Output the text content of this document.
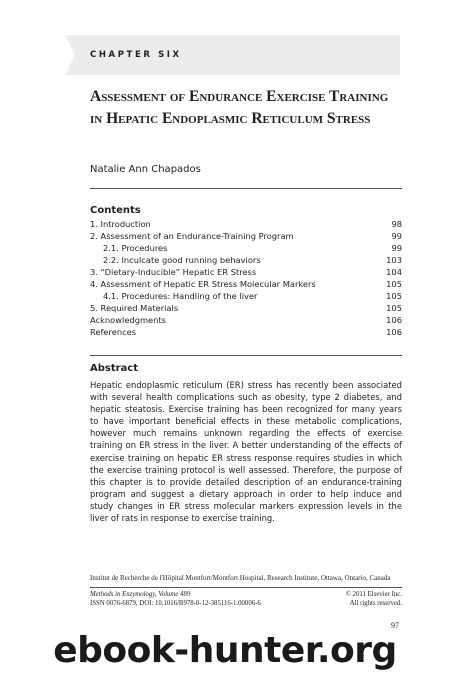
CHAPTER SIX
Assessment of Endurance Exercise Training in Hepatic Endoplasmic Reticulum Stress
Natalie Ann Chapados
Contents
1. Introduction	98
2. Assessment of an Endurance-Training Program	99
2.1. Procedures	99
2.2. Inculcate good running behaviors	103
3. “Dietary-Inducible” Hepatic ER Stress	104
4. Assessment of Hepatic ER Stress Molecular Markers	105
4.1. Procedures: Handling of the liver	105
5. Required Materials	105
Acknowledgments	106
References	106
Abstract

Hepatic endoplasmic reticulum (ER) stress has recently been associated with several health complications such as obesity, type 2 diabetes, and hepatic steatosis. Exercise training has been recognized for many years to have important beneficial effects in these metabolic complications, however much remains unknown regarding the effects of exercise training on ER stress in the liver. A better understanding of the effects of exercise training on hepatic ER stress response requires studies in which the exercise training protocol is well assessed. Therefore, the purpose of this chapter is to provide detailed description of an endurance-training program and suggest a dietary approach in order to help induce and study changes in ER stress molecular markers expression levels in the liver of rats in response to exercise training.

Institut de Recherche de l'Hôpital Montfort/Montfort Hospital, Research Institute, Ottawa, Ontario, Canada
Methods in Enzymology, Volume 489	© 2011 Elsevier Inc.
ISSN 0076-6879, DOI: 10.1016/B978-0-12-385116-1.00006-6	All rights reserved.
97
ebook-hunter.org
